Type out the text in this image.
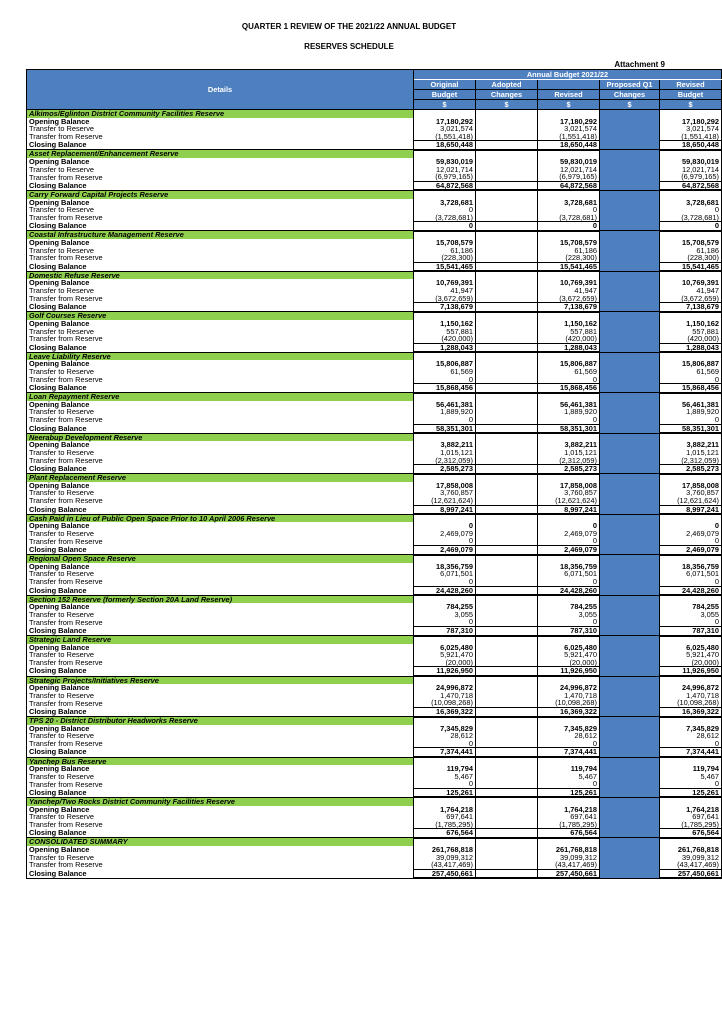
QUARTER 1 REVIEW OF THE 2021/22 ANNUAL BUDGET
RESERVES SCHEDULE
Attachment 9
Details	Annual Budget 2021/22				
	Original	Adopted		Proposed Q1	Revised
	Budget	Changes	Revised	Changes	Budget
	$	$	$	$	$
Alkimos/Eglinton District Community Facilities Reserve					
Opening Balance	17,180,292		17,180,292		17,180,292
Transfer to Reserve	3,021,574		3,021,574		3,021,574
Transfer from Reserve	(1,551,418)		(1,551,418)		(1,551,418)
Closing Balance	18,650,448		18,650,448		18,650,448
Asset Replacement/Enhancement Reserve					
Opening Balance	59,830,019		59,830,019		59,830,019
Transfer to Reserve	12,021,714		12,021,714		12,021,714
Transfer from Reserve	(6,979,165)		(6,979,165)		(6,979,165)
Closing Balance	64,872,568		64,872,568		64,872,568
Carry Forward Capital Projects Reserve					
Opening Balance	3,728,681		3,728,681		3,728,681
Transfer to Reserve	0		0		0
Transfer from Reserve	(3,728,681)		(3,728,681)		(3,728,681)
Closing Balance	0		0		0
Coastal Infrastructure Management Reserve					
Opening Balance	15,708,579		15,708,579		15,708,579
Transfer to Reserve	61,186		61,186		61,186
Transfer from Reserve	(228,300)		(228,300)		(228,300)
Closing Balance	15,541,465		15,541,465		15,541,465
Domestic Refuse Reserve					
Opening Balance	10,769,391		10,769,391		10,769,391
Transfer to Reserve	41,947		41,947		41,947
Transfer from Reserve	(3,672,659)		(3,672,659)		(3,672,659)
Closing Balance	7,138,679		7,138,679		7,138,679
Golf Courses Reserve					
Opening Balance	1,150,162		1,150,162		1,150,162
Transfer to Reserve	557,881		557,881		557,881
Transfer from Reserve	(420,000)		(420,000)		(420,000)
Closing Balance	1,288,043		1,288,043		1,288,043
Leave Liability Reserve					
Opening Balance	15,806,887		15,806,887		15,806,887
Transfer to Reserve	61,569		61,569		61,569
Transfer from Reserve	0		0		0
Closing Balance	15,868,456		15,868,456		15,868,456
Loan Repayment Reserve					
Opening Balance	56,461,381		56,461,381		56,461,381
Transfer to Reserve	1,889,920		1,889,920		1,889,920
Transfer from Reserve	0		0		0
Closing Balance	58,351,301		58,351,301		58,351,301
Neerabup Development Reserve					
Opening Balance	3,882,211		3,882,211		3,882,211
Transfer to Reserve	1,015,121		1,015,121		1,015,121
Transfer from Reserve	(2,312,059)		(2,312,059)		(2,312,059)
Closing Balance	2,585,273		2,585,273		2,585,273
Plant Replacement Reserve					
Opening Balance	17,858,008		17,858,008		17,858,008
Transfer to Reserve	3,760,857		3,760,857		3,760,857
Transfer from Reserve	(12,621,624)		(12,621,624)		(12,621,624)
Closing Balance	8,997,241		8,997,241		8,997,241
Cash Paid in Lieu of Public Open Space Prior to 10 April 2006 Reserve					
Opening Balance	0		0		0
Transfer to Reserve	2,469,079		2,469,079		2,469,079
Transfer from Reserve	0		0		0
Closing Balance	2,469,079		2,469,079		2,469,079
Regional Open Space Reserve					
Opening Balance	18,356,759		18,356,759		18,356,759
Transfer to Reserve	6,071,501		6,071,501		6,071,501
Transfer from Reserve	0		0		0
Closing Balance	24,428,260		24,428,260		24,428,260
Section 152 Reserve (formerly Section 20A Land Reserve)					
Opening Balance	784,255		784,255		784,255
Transfer to Reserve	3,055		3,055		3,055
Transfer from Reserve	0		0		0
Closing Balance	787,310		787,310		787,310
Strategic Land Reserve					
Opening Balance	6,025,480		6,025,480		6,025,480
Transfer to Reserve	5,921,470		5,921,470		5,921,470
Transfer from Reserve	(20,000)		(20,000)		(20,000)
Closing Balance	11,926,950		11,926,950		11,926,950
Strategic Projects/Initiatives Reserve					
Opening Balance	24,996,872		24,996,872		24,996,872
Transfer to Reserve	1,470,718		1,470,718		1,470,718
Transfer from Reserve	(10,098,268)		(10,098,268)		(10,098,268)
Closing Balance	16,369,322		16,369,322		16,369,322
TPS 20 - District Distributor Headworks Reserve					
Opening Balance	7,345,829		7,345,829		7,345,829
Transfer to Reserve	28,612		28,612		28,612
Transfer from Reserve	0		0		0
Closing Balance	7,374,441		7,374,441		7,374,441
Yanchep Bus Reserve					
Opening Balance	119,794		119,794		119,794
Transfer to Reserve	5,467		5,467		5,467
Transfer from Reserve	0		0		0
Closing Balance	125,261		125,261		125,261
Yanchep/Two Rocks District Community Facilities Reserve					
Opening Balance	1,764,218		1,764,218		1,764,218
Transfer to Reserve	697,641		697,641		697,641
Transfer from Reserve	(1,785,295)		(1,785,295)		(1,785,295)
Closing Balance	676,564		676,564		676,564
CONSOLIDATED SUMMARY					
Opening Balance	261,768,818		261,768,818		261,768,818
Transfer to Reserve	39,099,312		39,099,312		39,099,312
Transfer from Reserve	(43,417,469)		(43,417,469)		(43,417,469)
Closing Balance	257,450,661		257,450,661		257,450,661
